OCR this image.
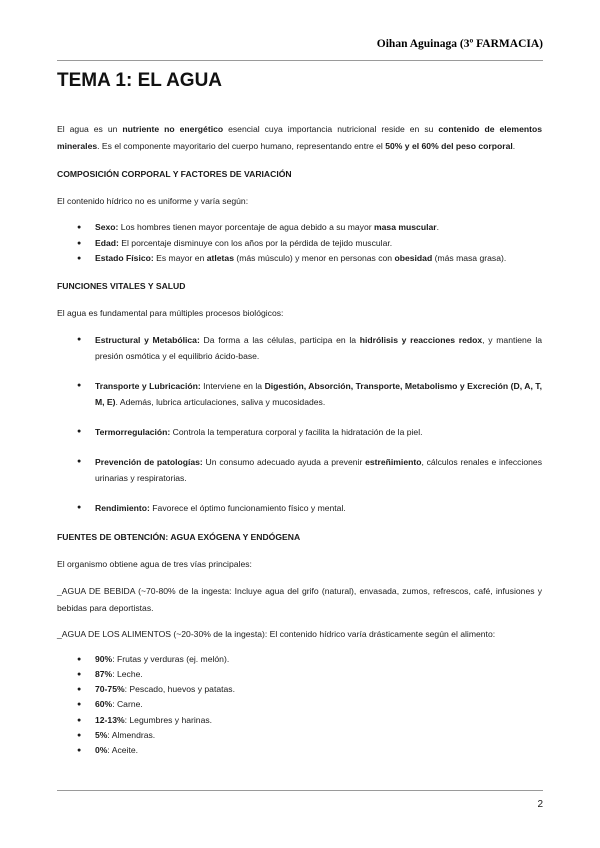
Oihan Aguinaga (3º FARMACIA)
TEMA 1: EL AGUA

El agua es un nutriente no energético esencial cuya importancia nutricional reside en su contenido de elementos minerales. Es el componente mayoritario del cuerpo humano, representando entre el 50% y el 60% del peso corporal.

COMPOSICIÓN CORPORAL Y FACTORES DE VARIACIÓN

El contenido hídrico no es uniforme y varía según:

● Sexo: Los hombres tienen mayor porcentaje de agua debido a su mayor masa muscular.
● Edad: El porcentaje disminuye con los años por la pérdida de tejido muscular.
● Estado Físico: Es mayor en atletas (más músculo) y menor en personas con obesidad (más masa grasa).

FUNCIONES VITALES Y SALUD

El agua es fundamental para múltiples procesos biológicos:

● Estructural y Metabólica: Da forma a las células, participa en la hidrólisis y reacciones redox, y mantiene la presión osmótica y el equilibrio ácido-base.
● Transporte y Lubricación: Interviene en la Digestión, Absorción, Transporte, Metabolismo y Excreción (D, A, T, M, E). Además, lubrica articulaciones, saliva y mucosidades.
● Termorregulación: Controla la temperatura corporal y facilita la hidratación de la piel.
● Prevención de patologías: Un consumo adecuado ayuda a prevenir estreñimiento, cálculos renales e infecciones urinarias y respiratorias.
● Rendimiento: Favorece el óptimo funcionamiento físico y mental.

FUENTES DE OBTENCIÓN: AGUA EXÓGENA Y ENDÓGENA

El organismo obtiene agua de tres vías principales:

_AGUA DE BEBIDA (~70-80% de la ingesta: Incluye agua del grifo (natural), envasada, zumos, refrescos, café, infusiones y bebidas para deportistas.

_AGUA DE LOS ALIMENTOS (~20-30% de la ingesta): El contenido hídrico varía drásticamente según el alimento:

● 90%: Frutas y verduras (ej. melón).
● 87%: Leche.
● 70-75%: Pescado, huevos y patatas.
● 60%: Carne.
● 12-13%: Legumbres y harinas.
● 5%: Almendras.
● 0%: Aceite.
2
